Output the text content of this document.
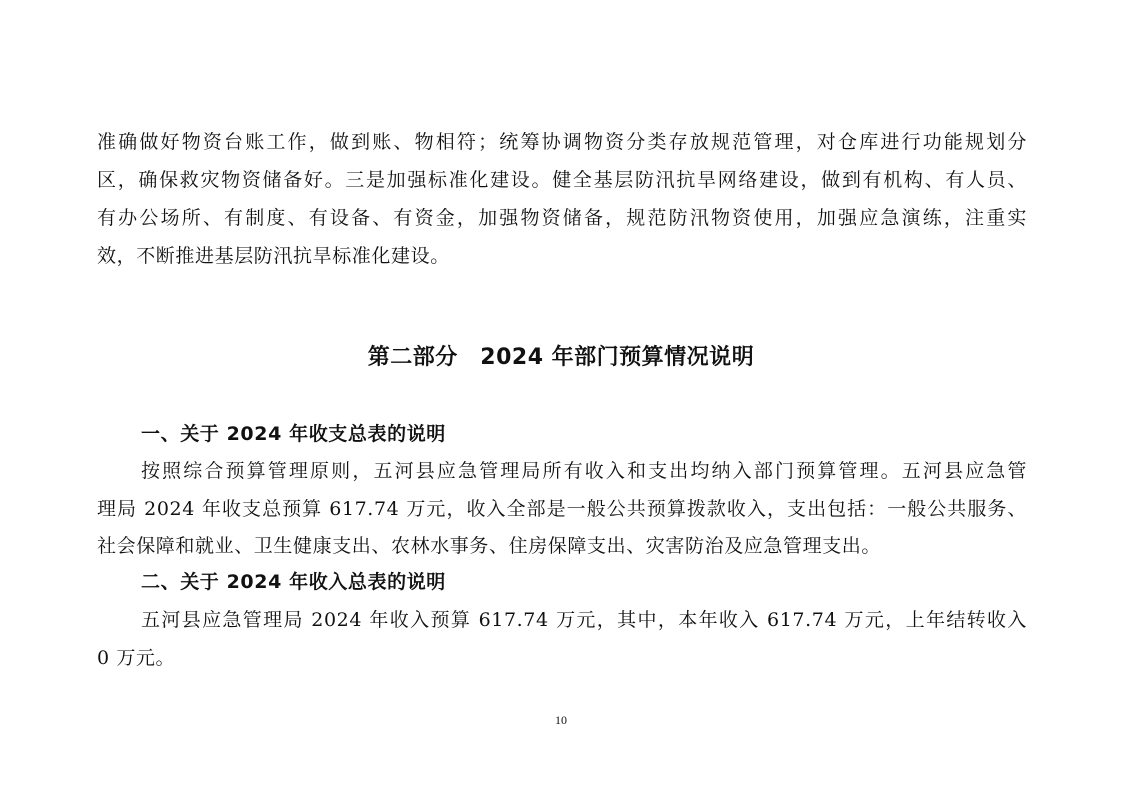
准确做好物资台账工作，做到账、物相符；统筹协调物资分类存放规范管理，对仓库进行功能规划分
区，确保救灾物资储备好。三是加强标准化建设。健全基层防汛抗旱网络建设，做到有机构、有人员、
有办公场所、有制度、有设备、有资金，加强物资储备，规范防汛物资使用，加强应急演练，注重实
效，不断推进基层防汛抗旱标准化建设。
第二部分　2024 年部门预算情况说明
一、关于 2024 年收支总表的说明
按照综合预算管理原则，五河县应急管理局所有收入和支出均纳入部门预算管理。五河县应急管
理局 2024 年收支总预算 617.74 万元，收入全部是一般公共预算拨款收入，支出包括：一般公共服务、
社会保障和就业、卫生健康支出、农林水事务、住房保障支出、灾害防治及应急管理支出。
二、关于 2024 年收入总表的说明
五河县应急管理局 2024 年收入预算 617.74 万元，其中，本年收入 617.74 万元，上年结转收入
0 万元。
10
